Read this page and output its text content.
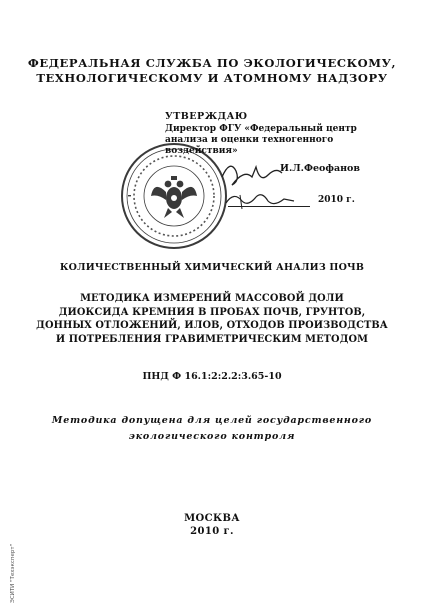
ФЕДЕРАЛЬНАЯ СЛУЖБА ПО ЭКОЛОГИЧЕСКОМУ,
ТЕХНОЛОГИЧЕСКОМУ И АТОМНОМУ НАДЗОРУ
УТВЕРЖДАЮ
Директор ФГУ «Федеральный центр
анализа и оценки техногенного
воздействия»
И.Л.Феофанов
2010 г.
КОЛИЧЕСТВЕННЫЙ ХИМИЧЕСКИЙ АНАЛИЗ ПОЧВ
МЕТОДИКА ИЗМЕРЕНИЙ МАССОВОЙ ДОЛИ
ДИОКСИДА КРЕМНИЯ В ПРОБАХ ПОЧВ, ГРУНТОВ,
ДОННЫХ ОТЛОЖЕНИЙ, ИЛОВ, ОТХОДОВ ПРОИЗВОДСТВА
И ПОТРЕБЛЕНИЯ ГРАВИМЕТРИЧЕСКИМ МЕТОДОМ
ПНД Ф 16.1:2:2.2:3.65-10
Методика допущена для целей государственного
экологического контроля
МОСКВА
2010 г.
ЭСИТИ "Техэксперт"
